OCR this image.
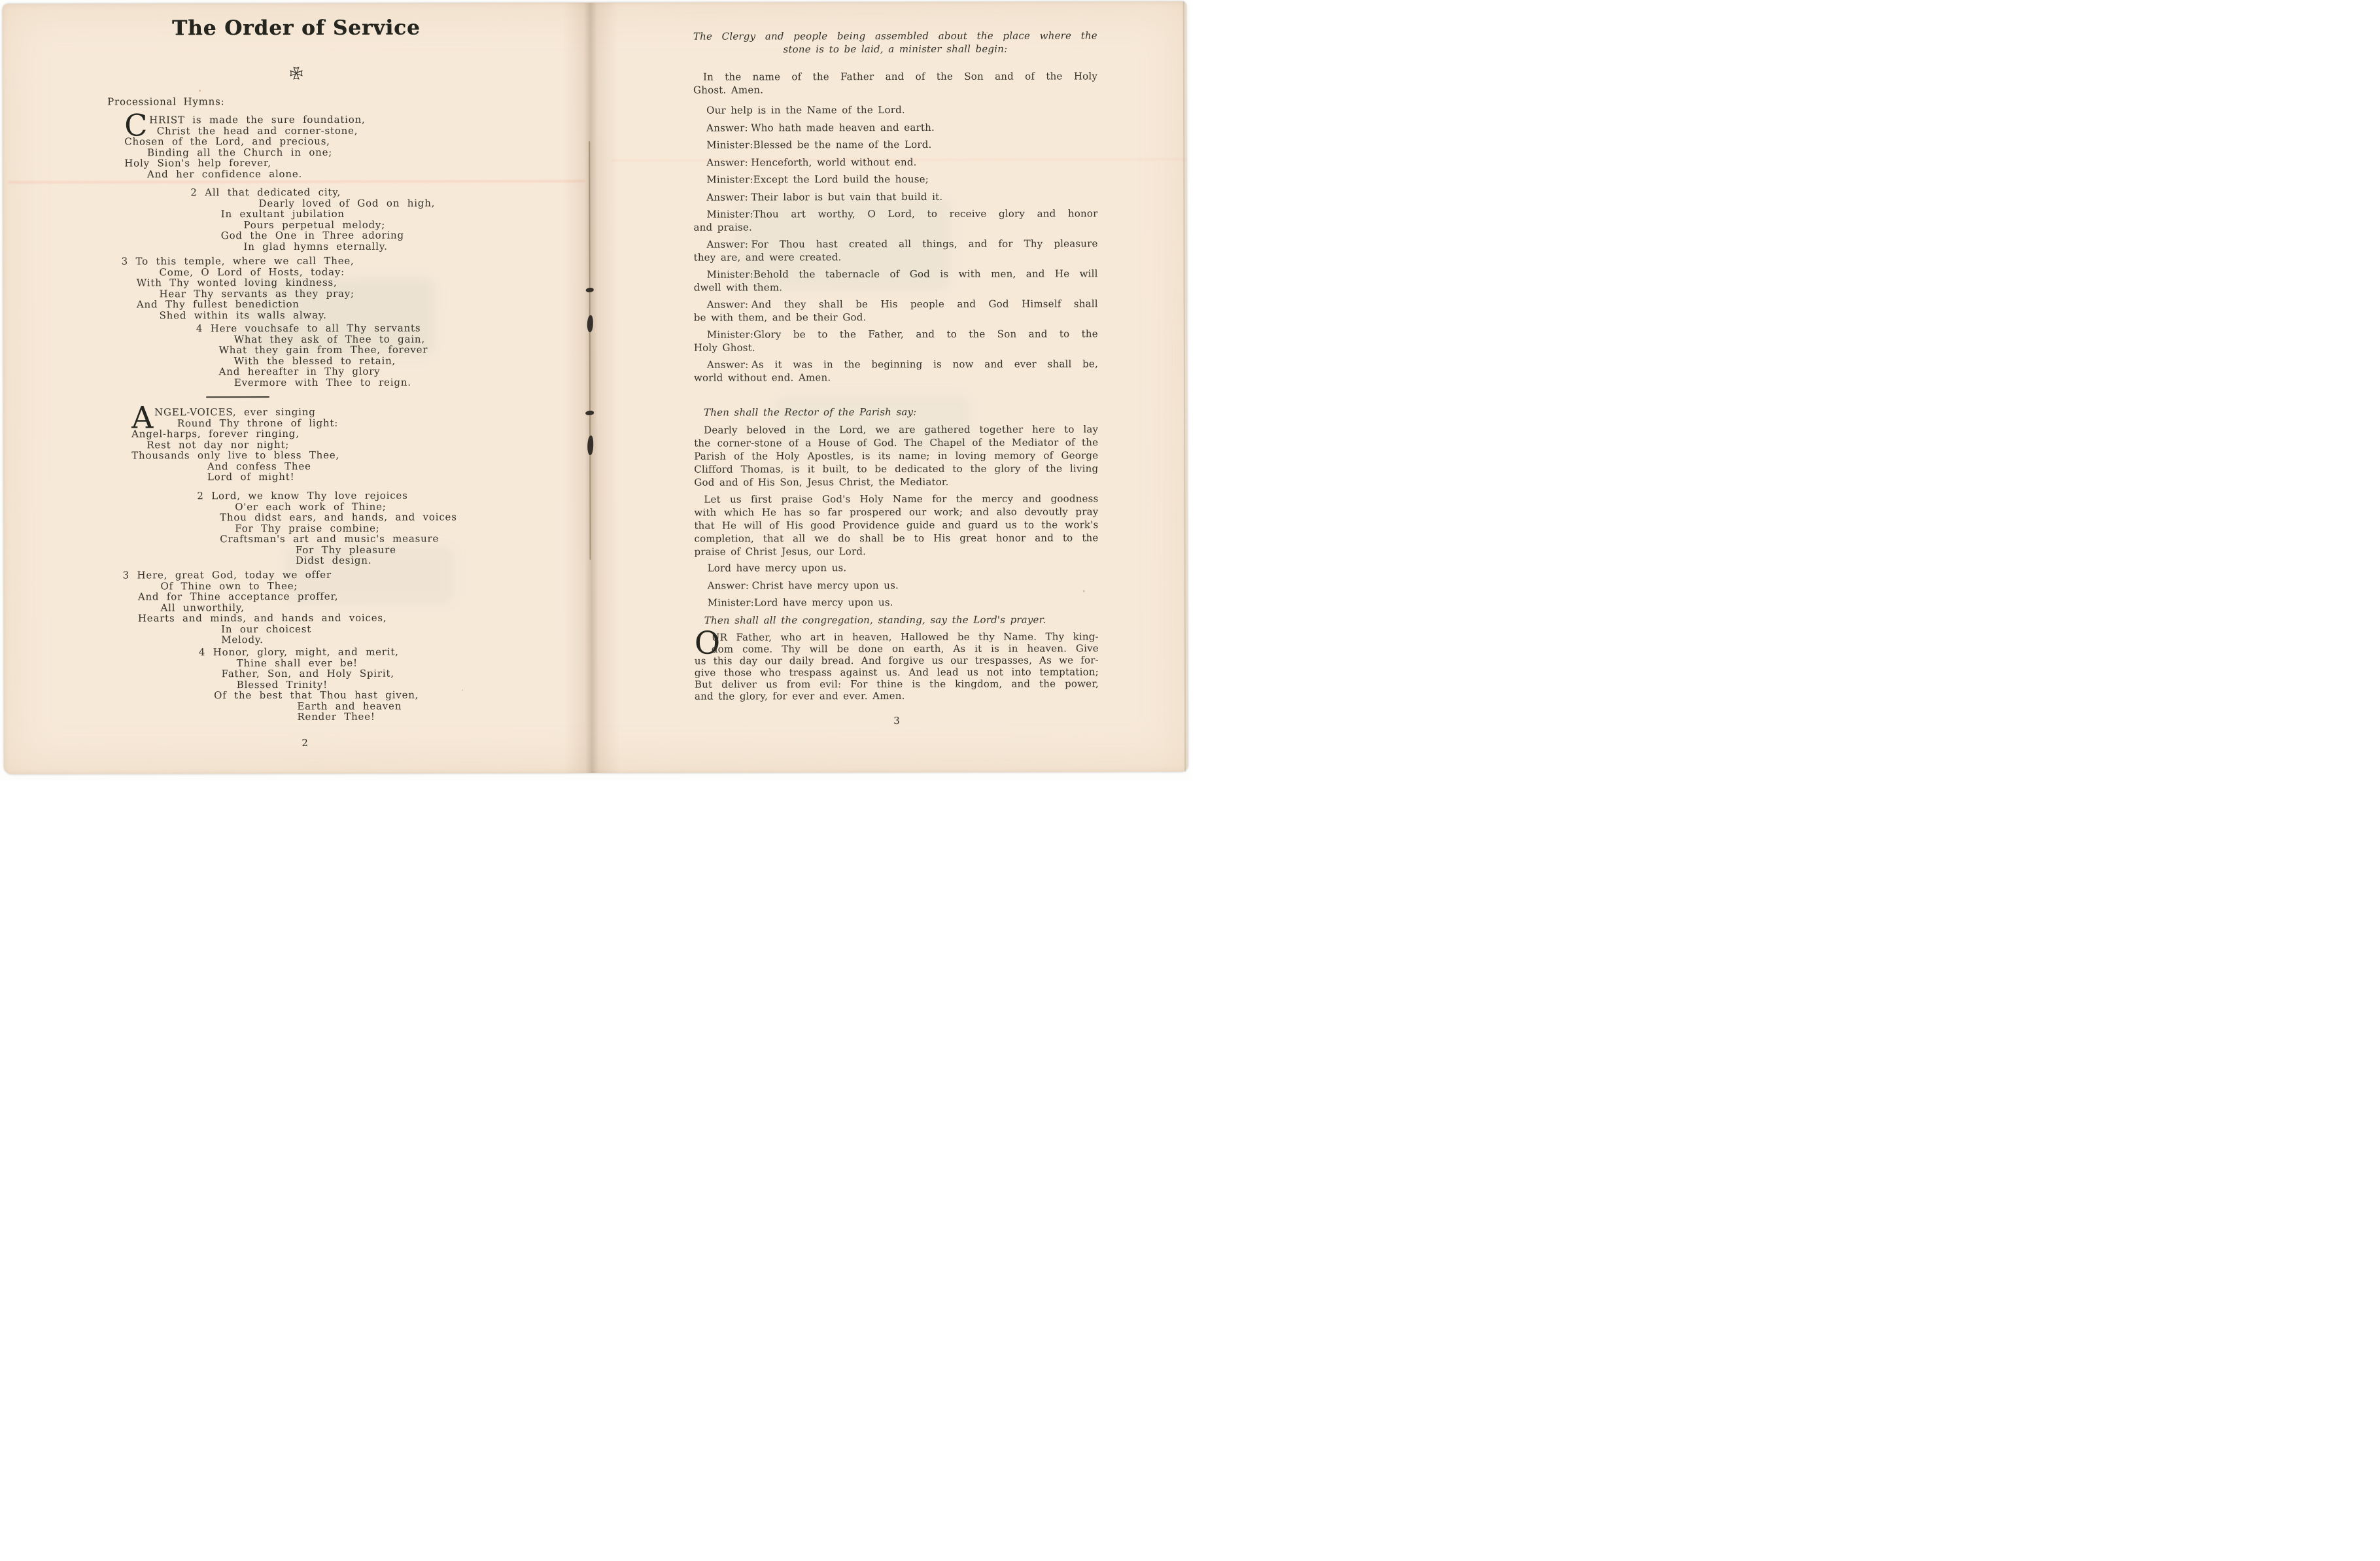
The Order of Service
Processional Hymns:
C HRIST is made the sure foundation,
Christ the head and corner-stone,
Chosen of the Lord, and precious,
Binding all the Church in one;
Holy Sion's help forever,
And her confidence alone.
2 All that dedicated city,
Dearly loved of God on high,
In exultant jubilation
Pours perpetual melody;
God the One in Three adoring
In glad hymns eternally.
3 To this temple, where we call Thee,
Come, O Lord of Hosts, today:
With Thy wonted loving kindness,
Hear Thy servants as they pray;
And Thy fullest benediction
Shed within its walls alway.
4 Here vouchsafe to all Thy servants
What they ask of Thee to gain,
What they gain from Thee, forever
With the blessed to retain,
And hereafter in Thy glory
Evermore with Thee to reign.
A NGEL-VOICES, ever singing
Round Thy throne of light:
Angel-harps, forever ringing,
Rest not day nor night;
Thousands only live to bless Thee,
And confess Thee
Lord of might!
2 Lord, we know Thy love rejoices
O'er each work of Thine;
Thou didst ears, and hands, and voices
For Thy praise combine;
Craftsman's art and music's measure
For Thy pleasure
Didst design.
3 Here, great God, today we offer
Of Thine own to Thee;
And for Thine acceptance proffer,
All unworthily,
Hearts and minds, and hands and voices,
In our choicest
Melody.
4 Honor, glory, might, and merit,
Thine shall ever be!
Father, Son, and Holy Spirit,
Blessed Trinity!
Of the best that Thou hast given,
Earth and heaven
Render Thee!
2
The Clergy and people being assembled about the place where the
stone is to be laid, a minister shall begin:
In the name of the Father and of the Son and of the Holy
Ghost. Amen.
Our help is in the Name of the Lord.
Answer: Who hath made heaven and earth.
Minister:Blessed be the name of the Lord.
Answer: Henceforth, world without end.
Minister:Except the Lord build the house;
Answer: Their labor is but vain that build it.
Minister:Thou art worthy, O Lord, to receive glory and honor
and praise.
Answer: For Thou hast created all things, and for Thy pleasure
they are, and were created.
Minister:Behold the tabernacle of God is with men, and He will
dwell with them.
Answer: And they shall be His people and God Himself shall
be with them, and be their God.
Minister:Glory be to the Father, and to the Son and to the
Holy Ghost.
Answer: As it was in the beginning is now and ever shall be,
world without end. Amen.
Then shall the Rector of the Parish say:
Dearly beloved in the Lord, we are gathered together here to lay
the corner-stone of a House of God. The Chapel of the Mediator of the
Parish of the Holy Apostles, is its name; in loving memory of George
Clifford Thomas, is it built, to be dedicated to the glory of the living
God and of His Son, Jesus Christ, the Mediator.
Let us first praise God's Holy Name for the mercy and goodness
with which He has so far prospered our work; and also devoutly pray
that He will of His good Providence guide and guard us to the work's
completion, that all we do shall be to His great honor and to the
praise of Christ Jesus, our Lord.
Lord have mercy upon us.
Answer: Christ have mercy upon us.
Minister:Lord have mercy upon us.
Then shall all the congregation, standing, say the Lord's prayer.
O
UR Father, who art in heaven, Hallowed be thy Name. Thy king-
dom come. Thy will be done on earth, As it is in heaven. Give
us this day our daily bread. And forgive us our trespasses, As we for-
give those who trespass against us. And lead us not into temptation;
But deliver us from evil: For thine is the kingdom, and the power,
and the glory, for ever and ever. Amen.
3
